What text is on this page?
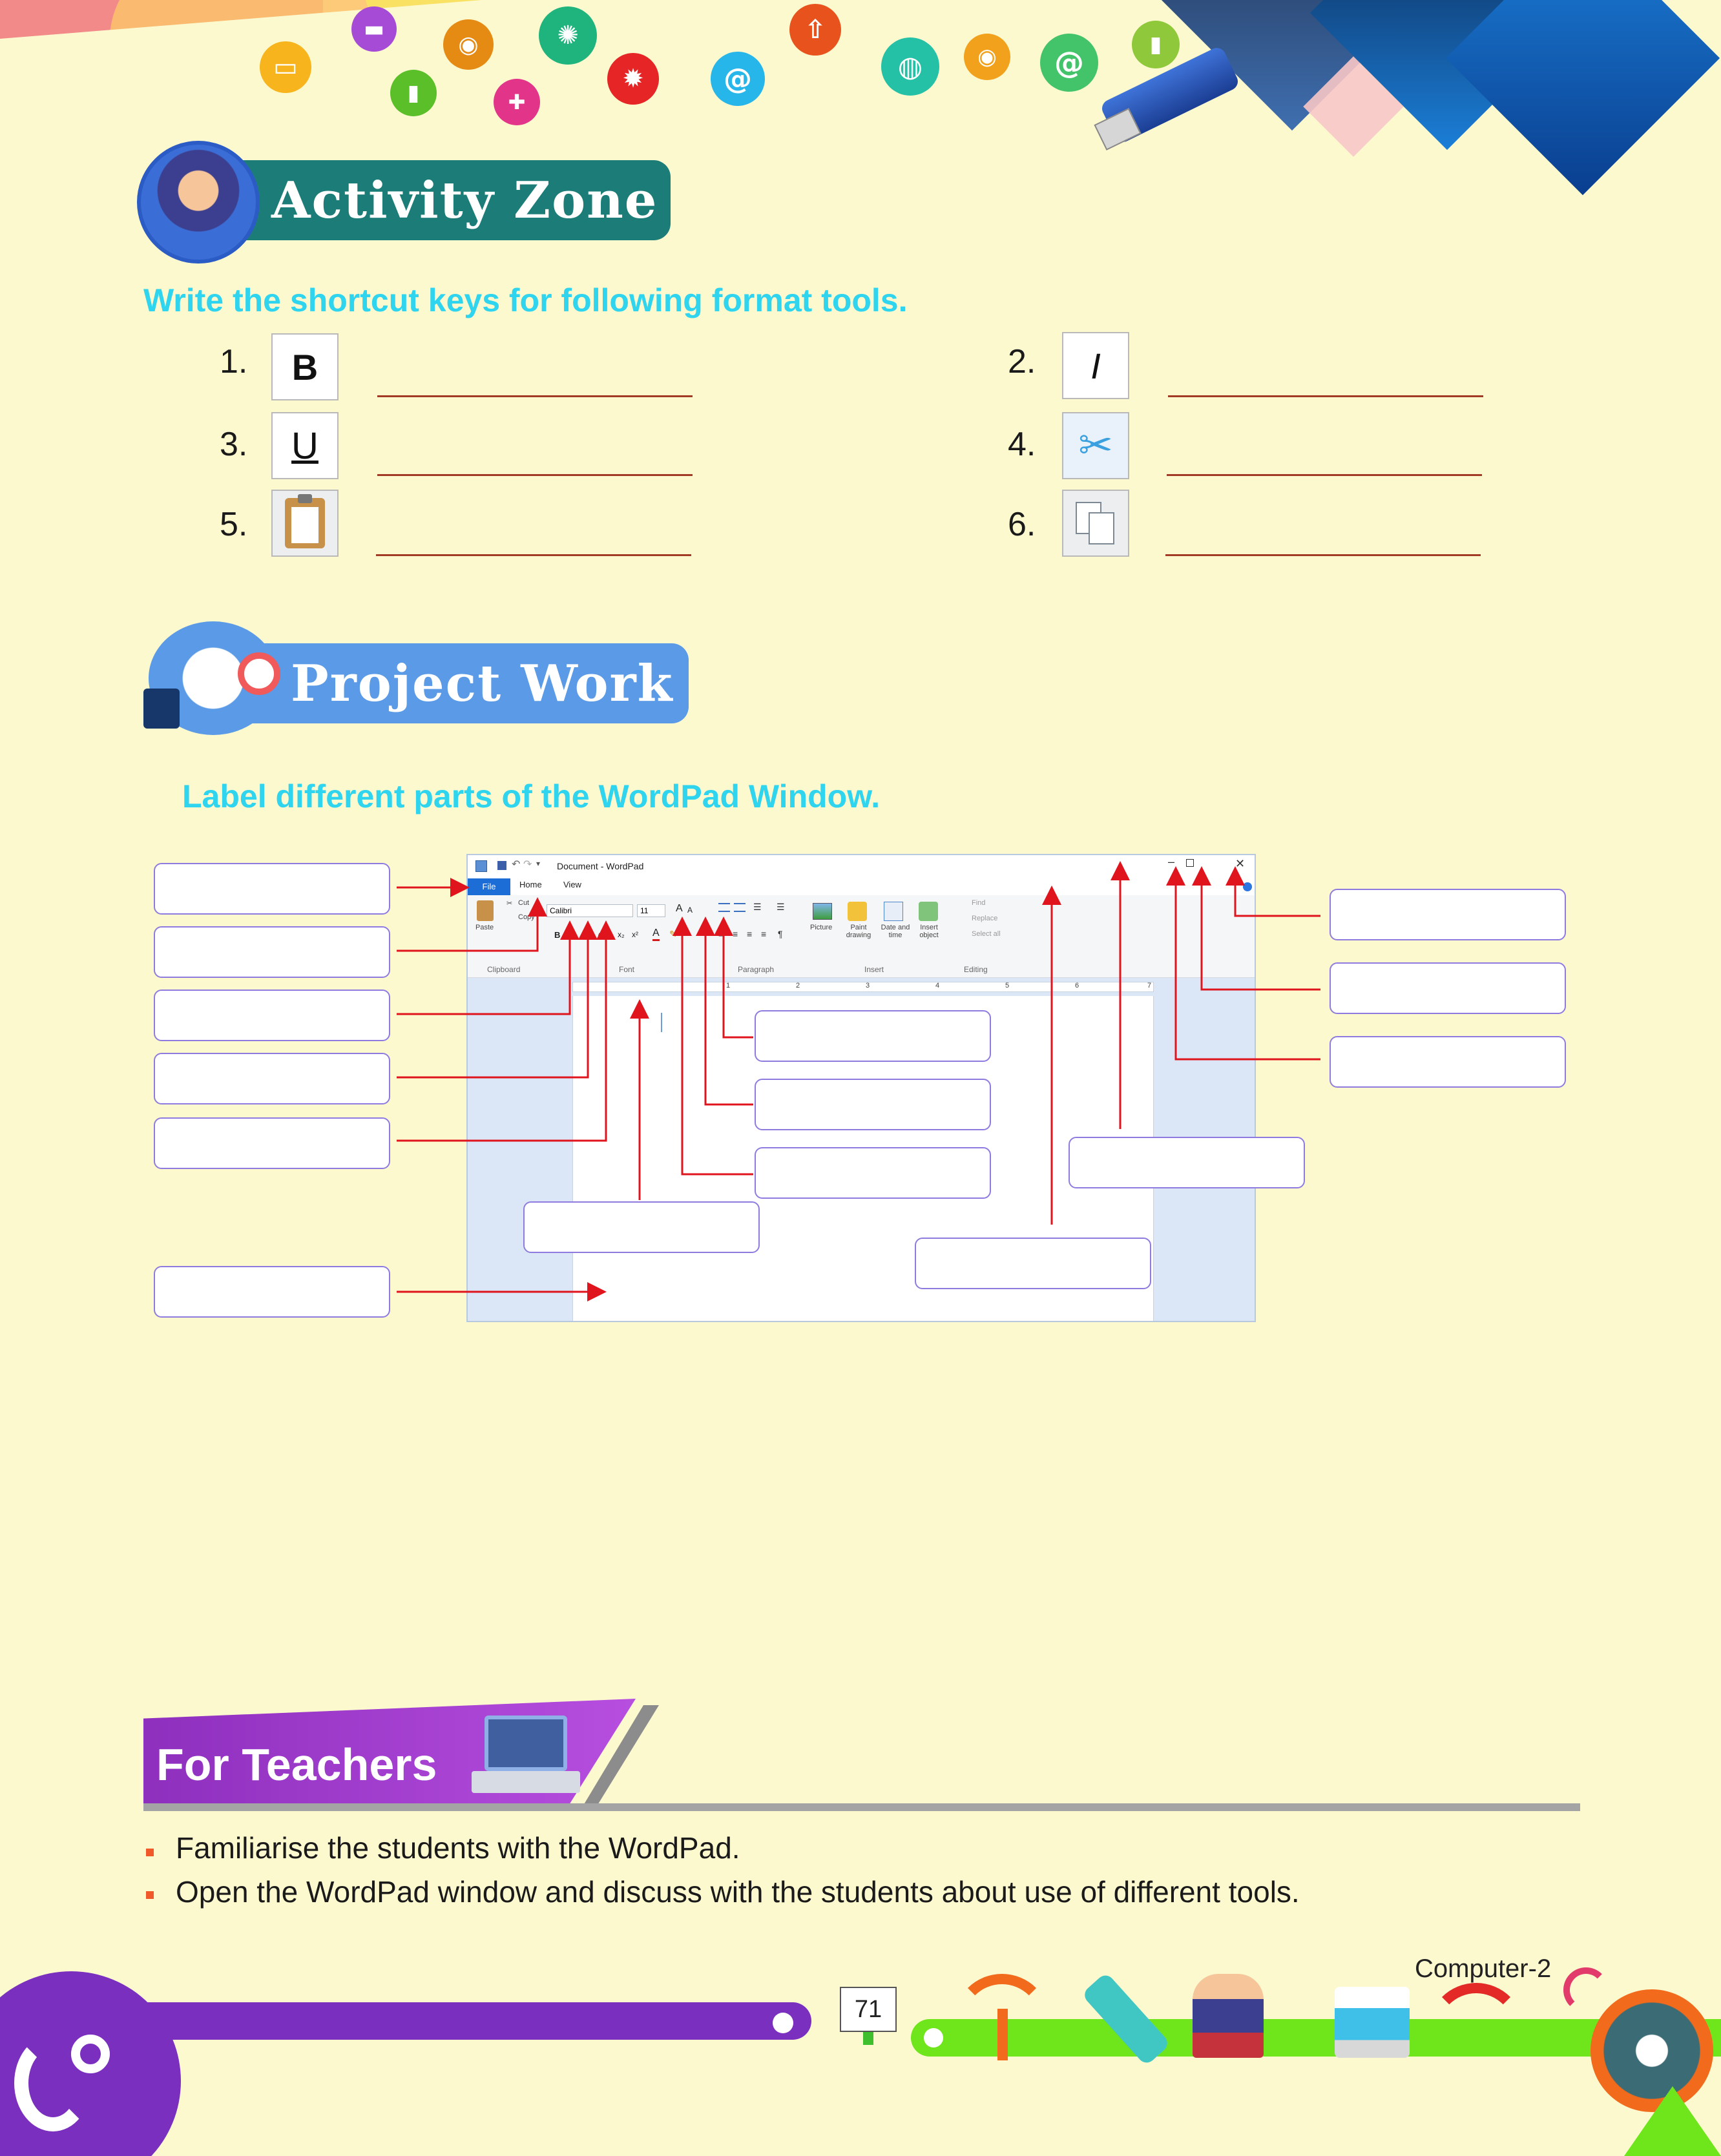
▭
▬
▮
◉
✚
✺
✹	@
⇧
◍	◉	@
▮
Activity Zone
Write the shortcut keys for following format tools.
1. B	2. I
3. U	4. ✂
5.	6.
Project Work
Label different parts of the WordPad Window.
↶ ↷ ▾ Document - WordPad	–	✕
File	Home	View
Paste
✂ Cut
Copy
Clipboard
Calibri	11	A A
B I U abc x₂ x² A ✎
Font
☰ ☰
≡ ≡ ≡ ≡ ¶
Paragraph
Picture	Paint drawing
Date and time
Insert object
Insert
Find
Replace
Select all
Editing
1	2	3	4	5	6	7
For Teachers
Familiarise the students with the WordPad.
Open the WordPad window and discuss with the students about use of different tools.
71
Computer-2
